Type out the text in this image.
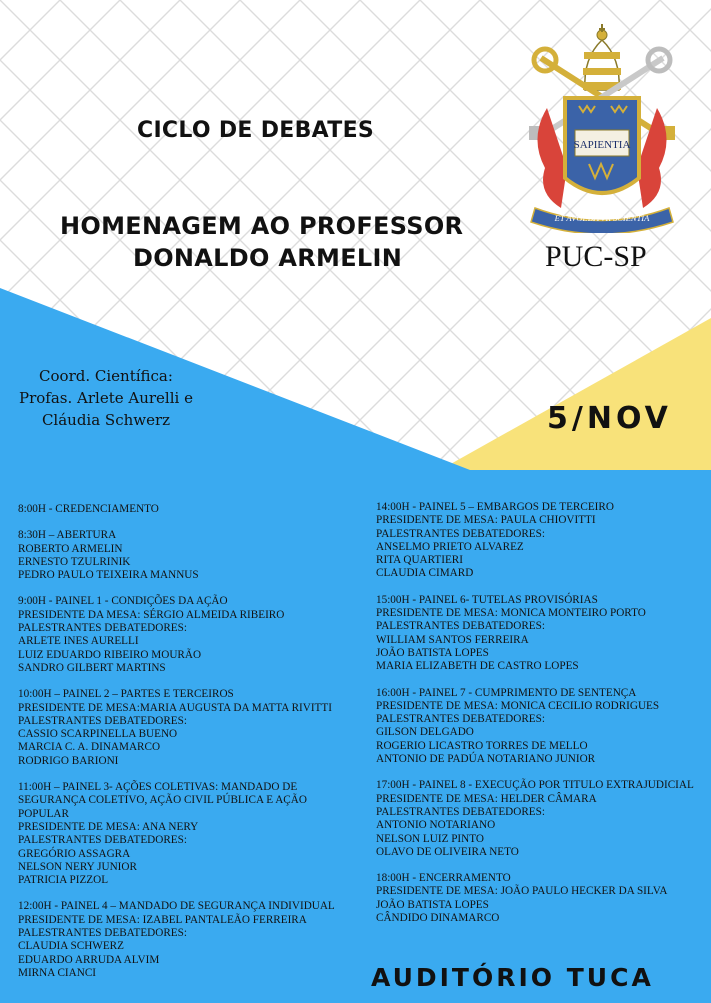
CICLO DE DEBATES
HOMENAGEM AO PROFESSOR
DONALDO ARMELIN
SAPIENTIA
ET AVGEBITVR SCIENTIA
PUC-SP
Coord. Científica:
Profas. Arlete Aurelli e
Cláudia Schwerz	5/NOV
8:00H - CREDENCIAMENTO
8:30H – ABERTURA
ROBERTO ARMELIN
ERNESTO TZULRINIK
PEDRO PAULO TEIXEIRA MANNUS
9:00H - PAINEL 1 - CONDIÇÕES DA AÇÃO
PRESIDENTE DA MESA: SÉRGIO ALMEIDA RIBEIRO
PALESTRANTES DEBATEDORES:
ARLETE INES AURELLI
LUIZ EDUARDO RIBEIRO MOURÃO
SANDRO GILBERT MARTINS
10:00H – PAINEL 2 – PARTES E TERCEIROS
PRESIDENTE DE MESA:MARIA AUGUSTA DA MATTA RIVITTI
PALESTRANTES DEBATEDORES:
CASSIO SCARPINELLA BUENO
MARCIA C. A. DINAMARCO
RODRIGO BARIONI
11:00H – PAINEL 3- AÇÕES COLETIVAS: MANDADO DE SEGURANÇA COLETIVO, AÇÃO CIVIL PÚBLICA E AÇÃO POPULAR
PRESIDENTE DE MESA: ANA NERY
PALESTRANTES DEBATEDORES:
GREGÓRIO ASSAGRA
NELSON NERY JUNIOR
PATRICIA PIZZOL
12:00H - PAINEL 4 – MANDADO DE SEGURANÇA INDIVIDUAL
PRESIDENTE DE MESA: IZABEL PANTALEÃO FERREIRA
PALESTRANTES DEBATEDORES:
CLAUDIA SCHWERZ
EDUARDO ARRUDA ALVIM
MIRNA CIANCI
14:00H - PAINEL 5 – EMBARGOS DE TERCEIRO
PRESIDENTE DE MESA: PAULA CHIOVITTI
PALESTRANTES DEBATEDORES:
ANSELMO PRIETO ALVAREZ
RITA QUARTIERI
CLAUDIA CIMARD
15:00H - PAINEL 6- TUTELAS PROVISÓRIAS
PRESIDENTE DE MESA: MONICA MONTEIRO PORTO
PALESTRANTES DEBATEDORES:
WILLIAM SANTOS FERREIRA
JOÃO BATISTA LOPES
MARIA ELIZABETH DE CASTRO LOPES
16:00H - PAINEL 7 - CUMPRIMENTO DE SENTENÇA
PRESIDENTE DE MESA: MONICA CECILIO RODRIGUES
PALESTRANTES DEBATEDORES:
GILSON DELGADO
ROGERIO LICASTRO TORRES DE MELLO
ANTONIO DE PADÚA NOTARIANO JUNIOR
17:00H - PAINEL 8 - EXECUÇÃO POR TITULO EXTRAJUDICIAL
PRESIDENTE DE MESA: HELDER CÂMARA
PALESTRANTES DEBATEDORES:
ANTONIO NOTARIANO
NELSON LUIZ PINTO
OLAVO DE OLIVEIRA NETO
18:00H - ENCERRAMENTO
PRESIDENTE DE MESA: JOÃO PAULO HECKER DA SILVA
JOÃO BATISTA LOPES
CÂNDIDO DINAMARCO
AUDITÓRIO TUCA
